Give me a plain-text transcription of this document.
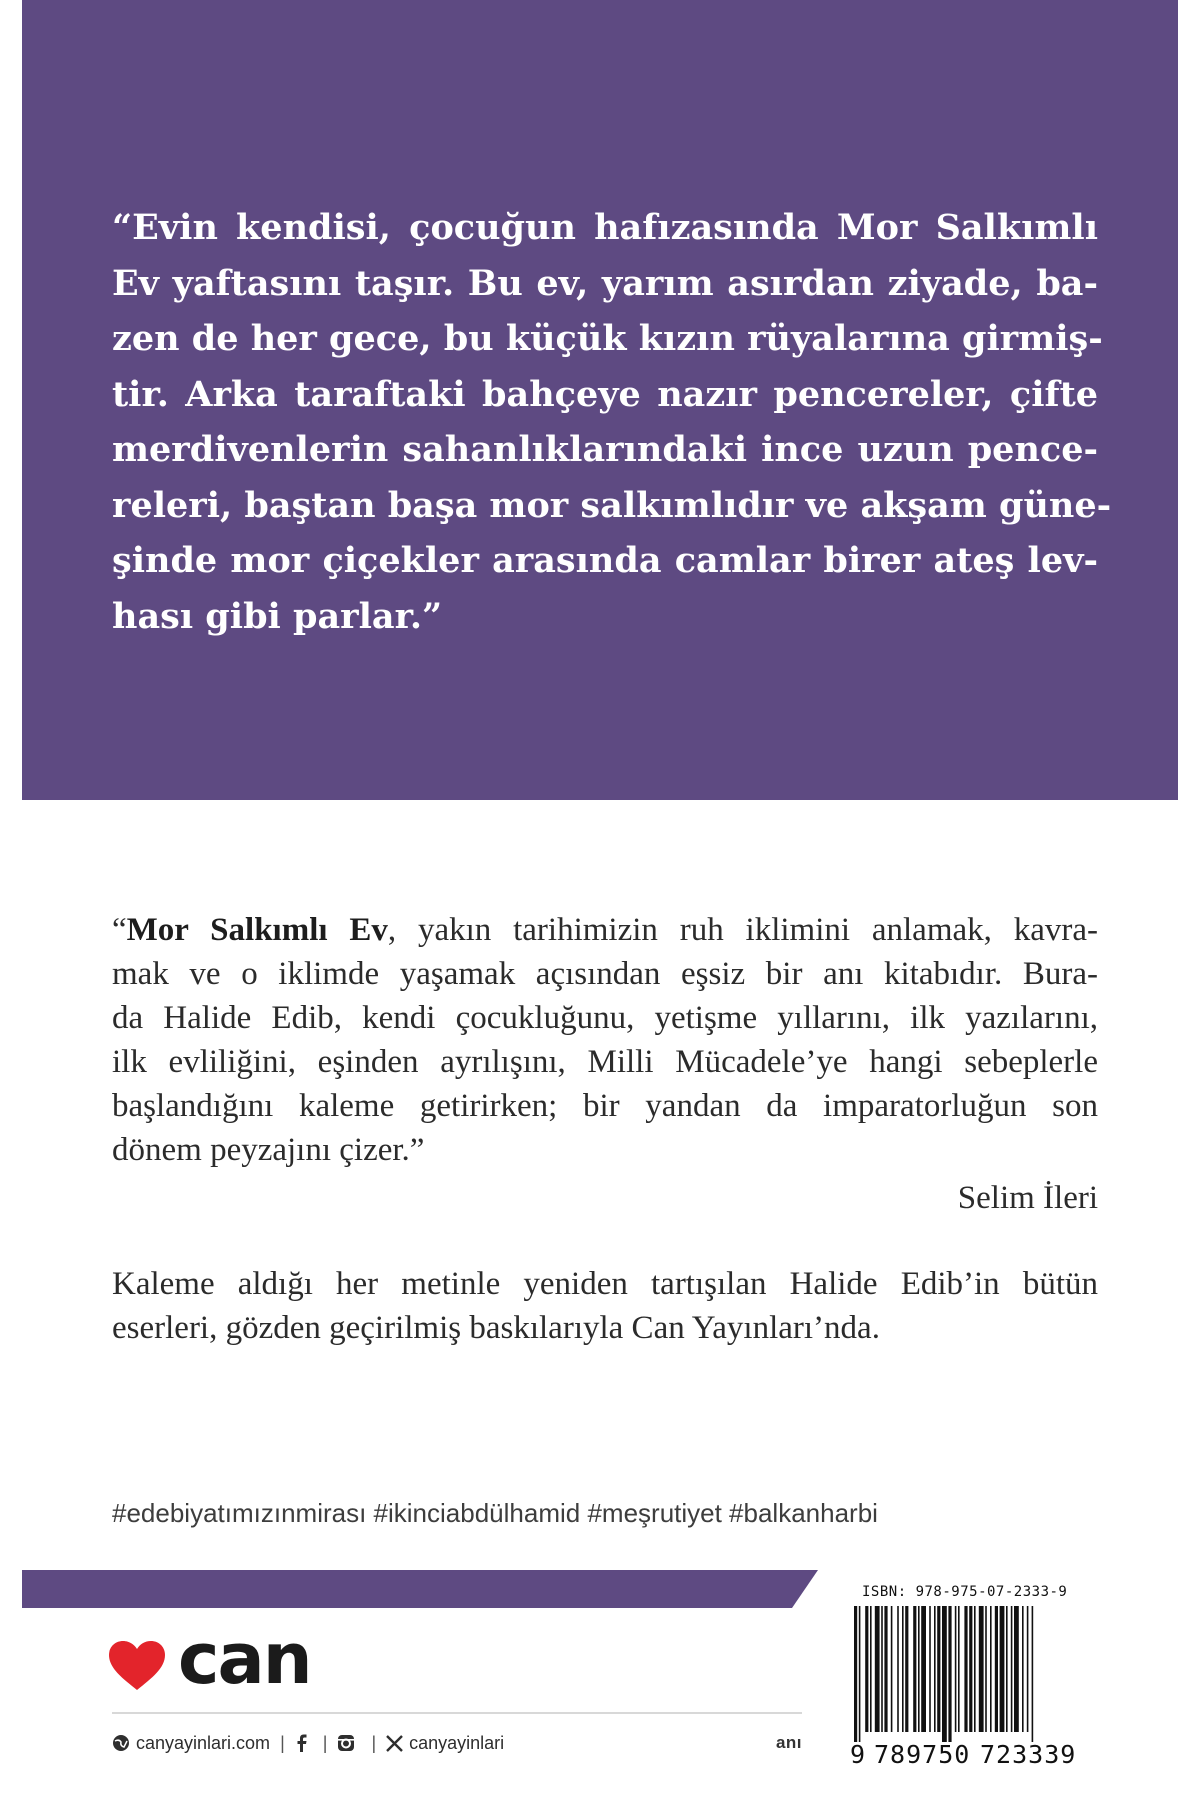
“Evin kendisi, çocuğun hafızasında Mor Salkımlı
Ev yaftasını taşır. Bu ev, yarım asırdan ziyade, ba-
zen de her gece, bu küçük kızın rüyalarına girmiş-
tir. Arka taraftaki bahçeye nazır pencereler, çifte
merdivenlerin sahanlıklarındaki ince uzun pence-
releri, baştan başa mor salkımlıdır ve akşam güne-
şinde mor çiçekler arasında camlar birer ateş lev-
hası gibi parlar.”

“Mor Salkımlı Ev, yakın tarihimizin ruh iklimini anlamak, kavra-
mak ve o iklimde yaşamak açısından eşsiz bir anı kitabıdır. Bura-
da Halide Edib, kendi çocukluğunu, yetişme yıllarını, ilk yazılarını,
ilk evliliğini, eşinden ayrılışını, Milli Mücadele’ye hangi sebeplerle
başlandığını kaleme getirirken; bir yandan da imparatorluğun son
dönem peyzajını çizer.”
Selim İleri
Kaleme aldığı her metinle yeniden tartışılan Halide Edib’in bütün
eserleri, gözden geçirilmiş baskılarıyla Can Yayınları’nda.
#edebiyatımızınmirası #ikinciabdülhamid #meşrutiyet #balkanharbi
can
canyayinlari.com | | | canyayinlari	anı
ISBN: 978-975-07-2333-9
9 789750 723339
